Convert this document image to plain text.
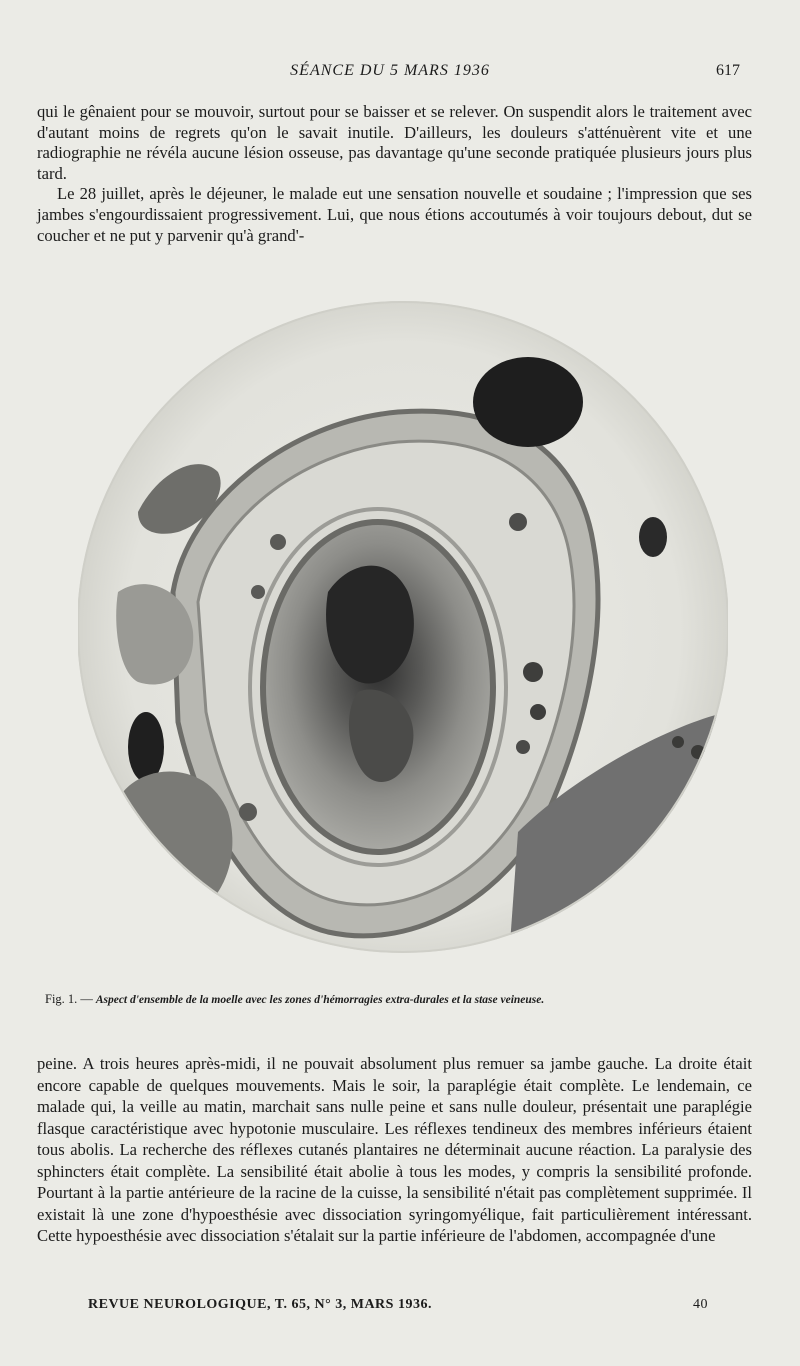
SÉANCE DU 5 MARS 1936	617

qui le gênaient pour se mouvoir, surtout pour se baisser et se relever. On suspendit alors le traitement avec d'autant moins de regrets qu'on le savait inutile. D'ailleurs, les douleurs s'atténuèrent vite et une radiographie ne révéla aucune lésion osseuse, pas davantage qu'une seconde pratiquée plusieurs jours plus tard.

Le 28 juillet, après le déjeuner, le malade eut une sensation nouvelle et soudaine ; l'impression que ses jambes s'engourdissaient progressivement. Lui, que nous étions accoutumés à voir toujours debout, dut se coucher et ne put y parvenir qu'à grand'-

Fig. 1. — Aspect d'ensemble de la moelle avec les zones d'hémorragies extra-durales et la stase veineuse.

peine. A trois heures après-midi, il ne pouvait absolument plus remuer sa jambe gauche. La droite était encore capable de quelques mouvements. Mais le soir, la paraplégie était complète. Le lendemain, ce malade qui, la veille au matin, marchait sans nulle peine et sans nulle douleur, présentait une paraplégie flasque caractéristique avec hypotonie musculaire. Les réflexes tendineux des membres inférieurs étaient tous abolis. La recherche des réflexes cutanés plantaires ne déterminait aucune réaction. La paralysie des sphincters était complète. La sensibilité était abolie à tous les modes, y compris la sensibilité profonde. Pourtant à la partie antérieure de la racine de la cuisse, la sensibilité n'était pas complètement supprimée. Il existait là une zone d'hypoesthésie avec dissociation syringomyélique, fait particulièrement intéressant. Cette hypoesthésie avec dissociation s'étalait sur la partie inférieure de l'abdomen, accompagnée d'une

REVUE NEUROLOGIQUE, T. 65, N° 3, MARS 1936.	40
